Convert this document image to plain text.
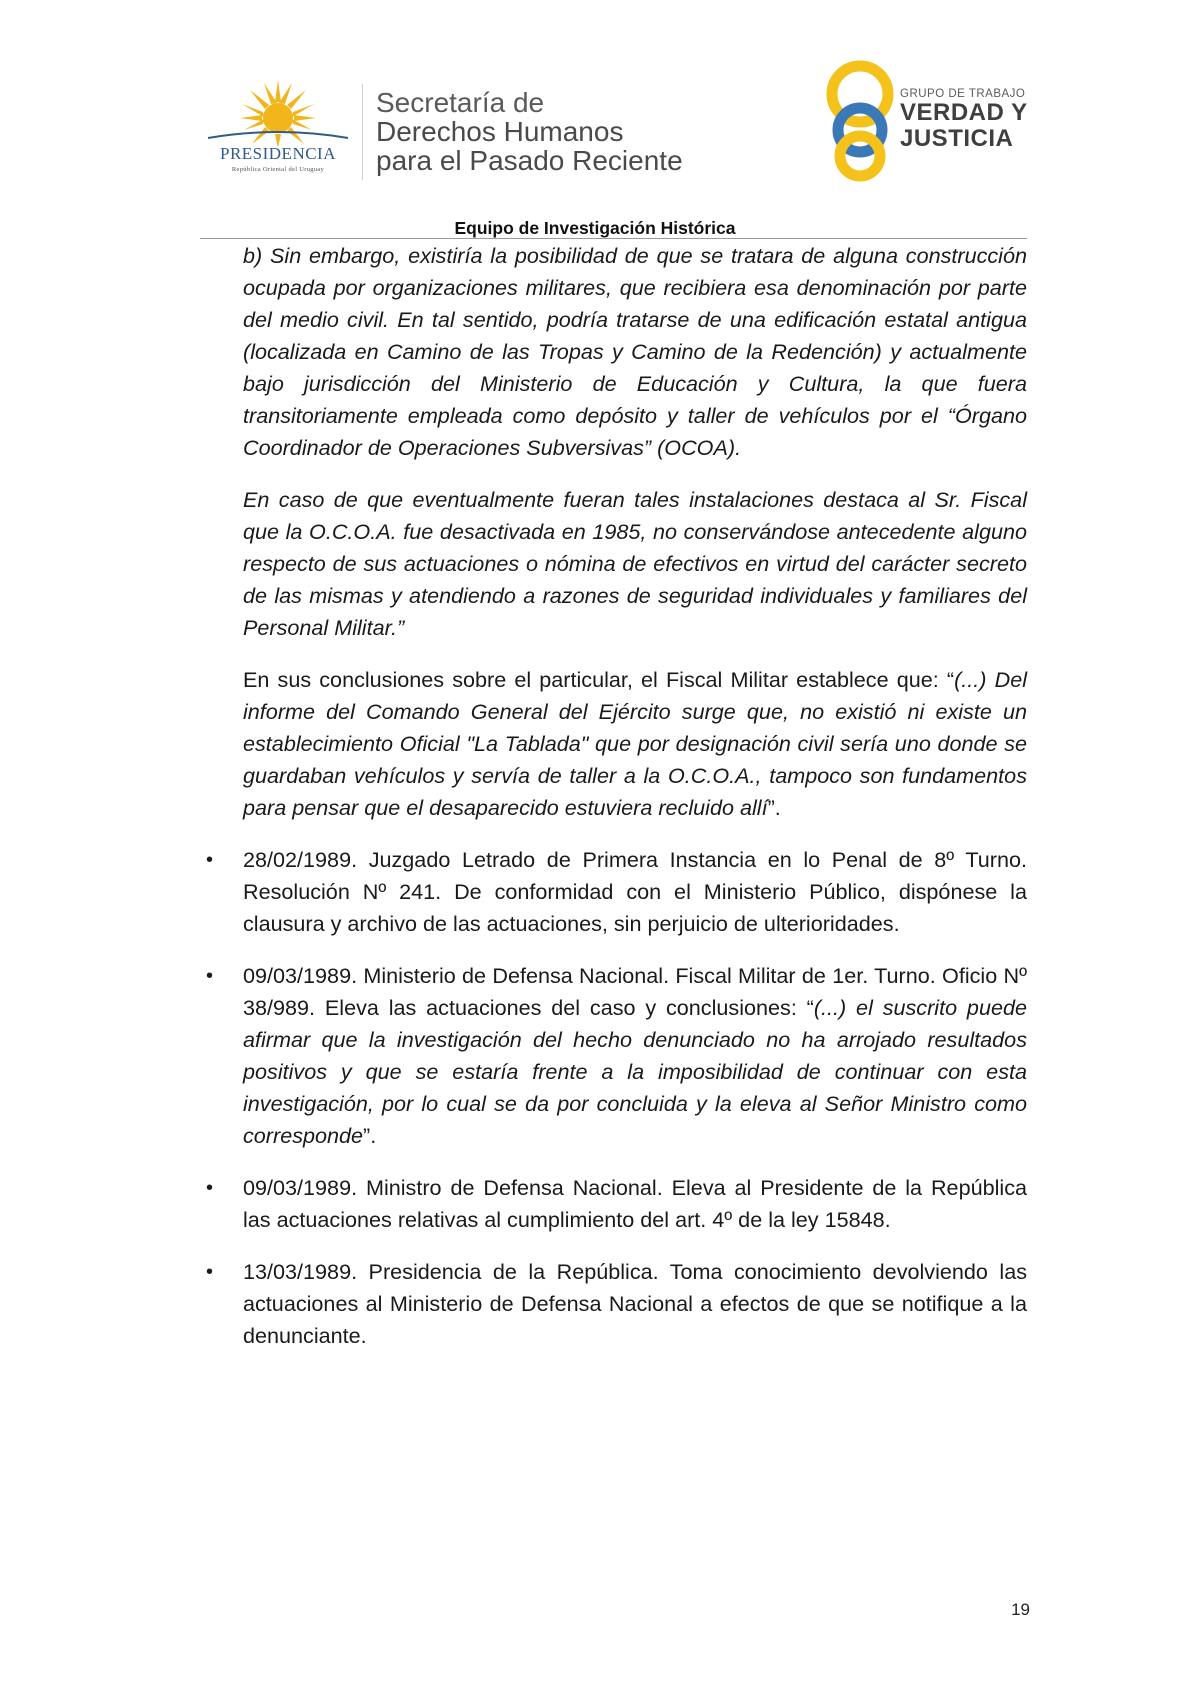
PRESIDENCIA
República Oriental del Uruguay
Secretaría de
Derechos Humanos
para el Pasado Reciente
GRUPO DE TRABAJO
VERDAD Y
JUSTICIA
Equipo de Investigación Histórica

b) Sin embargo, existiría la posibilidad de que se tratara de alguna construcción ocupada por organizaciones militares, que recibiera esa denominación por parte del medio civil. En tal sentido, podría tratarse de una edificación estatal antigua (localizada en Camino de las Tropas y Camino de la Redención) y actualmente bajo jurisdicción del Ministerio de Educación y Cultura, la que fuera transitoriamente empleada como depósito y taller de vehículos por el “Órgano Coordinador de Operaciones Subversivas” (OCOA).

En caso de que eventualmente fueran tales instalaciones destaca al Sr. Fiscal que la O.C.O.A. fue desactivada en 1985, no conservándose antecedente alguno respecto de sus actuaciones o nómina de efectivos en virtud del carácter secreto de las mismas y atendiendo a razones de seguridad individuales y familiares del Personal Militar.”

En sus conclusiones sobre el particular, el Fiscal Militar establece que: “(...) Del informe del Comando General del Ejército surge que, no existió ni existe un establecimiento Oficial "La Tablada" que por designación civil sería uno donde se guardaban vehículos y servía de taller a la O.C.O.A., tampoco son fundamentos para pensar que el desaparecido estuviera recluido allí”.

• 28/02/1989. Juzgado Letrado de Primera Instancia en lo Penal de 8º Turno. Resolución Nº 241. De conformidad con el Ministerio Público, dispónese la clausura y archivo de las actuaciones, sin perjuicio de ulterioridades.

• 09/03/1989. Ministerio de Defensa Nacional. Fiscal Militar de 1er. Turno. Oficio Nº 38/989. Eleva las actuaciones del caso y conclusiones: “(...) el suscrito puede afirmar que la investigación del hecho denunciado no ha arrojado resultados positivos y que se estaría frente a la imposibilidad de continuar con esta investigación, por lo cual se da por concluida y la eleva al Señor Ministro como corresponde”.

• 09/03/1989. Ministro de Defensa Nacional. Eleva al Presidente de la República las actuaciones relativas al cumplimiento del art. 4º de la ley 15848.

• 13/03/1989. Presidencia de la República. Toma conocimiento devolviendo las actuaciones al Ministerio de Defensa Nacional a efectos de que se notifique a la denunciante.

19
